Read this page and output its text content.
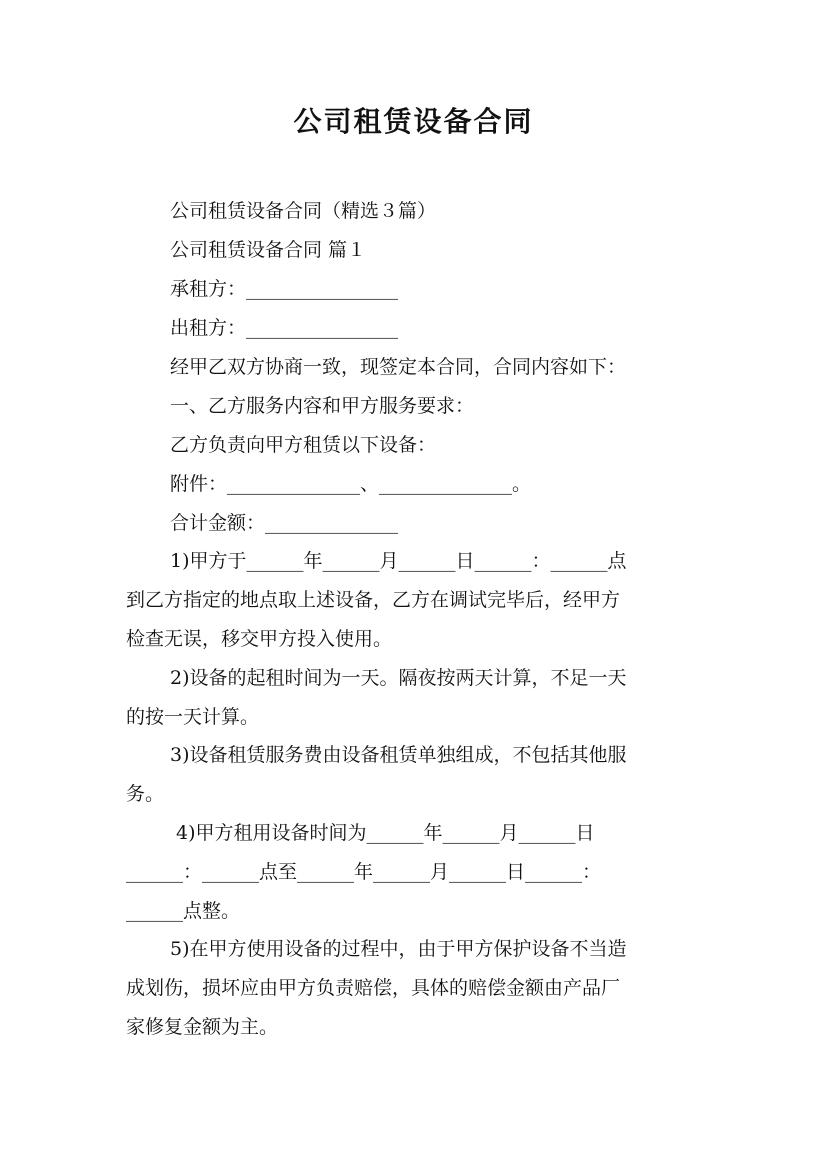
公司租赁设备合同
公司租赁设备合同（精选３篇）
公司租赁设备合同 篇１
承租方：________________
出租方：________________
经甲乙双方协商一致，现签定本合同，合同内容如下：
一、乙方服务内容和甲方服务要求：
乙方负责向甲方租赁以下设备：
附件：______________、______________。
合计金额：______________
1)甲方于______年______月______日______：______点
到乙方指定的地点取上述设备，乙方在调试完毕后，经甲方
检查无误，移交甲方投入使用。
2)设备的起租时间为一天。隔夜按两天计算，不足一天
的按一天计算。
3)设备租赁服务费由设备租赁单独组成，不包括其他服
务。
4)甲方租用设备时间为______年______月______日
______：______点至______年______月______日______：
______点整。
5)在甲方使用设备的过程中，由于甲方保护设备不当造
成划伤，损坏应由甲方负责赔偿，具体的赔偿金额由产品厂
家修复金额为主。
